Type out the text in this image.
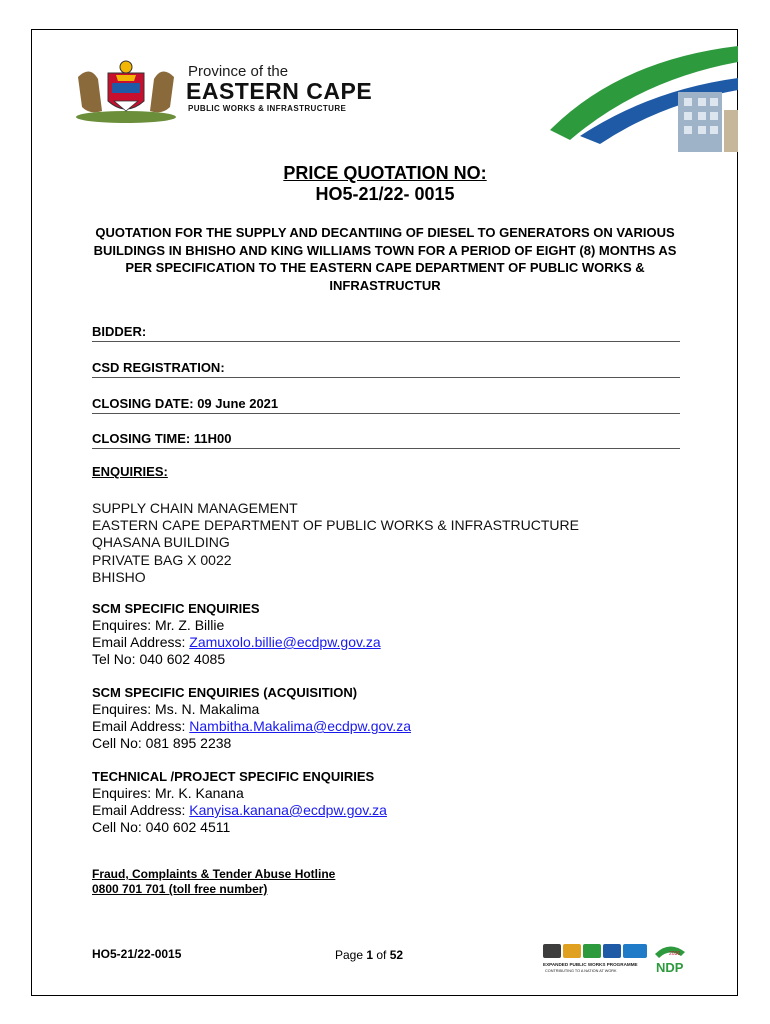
Province of the
EASTERN CAPE
PUBLIC WORKS & INFRASTRUCTURE
PRICE QUOTATION NO:
HO5-21/22- 0015
QUOTATION FOR THE SUPPLY AND DECANTIING OF DIESEL TO GENERATORS ON VARIOUS BUILDINGS IN BHISHO AND KING WILLIAMS TOWN FOR A PERIOD OF EIGHT (8) MONTHS AS PER SPECIFICATION TO THE EASTERN CAPE DEPARTMENT OF PUBLIC WORKS & INFRASTRUCTUR
BIDDER:
CSD REGISTRATION:
CLOSING DATE: 09 June 2021
CLOSING TIME: 11H00
ENQUIRIES:
SUPPLY CHAIN MANAGEMENT
EASTERN CAPE DEPARTMENT OF PUBLIC WORKS & INFRASTRUCTURE
QHASANA BUILDING
PRIVATE BAG X 0022
BHISHO
SCM SPECIFIC ENQUIRIES
Enquires: Mr. Z. Billie
Email Address: Zamuxolo.billie@ecdpw.gov.za
Tel No: 040 602 4085
SCM SPECIFIC ENQUIRIES (ACQUISITION)
Enquires: Ms. N. Makalima
Email Address: Nambitha.Makalima@ecdpw.gov.za
Cell No: 081 895 2238
TECHNICAL /PROJECT SPECIFIC ENQUIRIES
Enquires: Mr. K. Kanana
Email Address: Kanyisa.kanana@ecdpw.gov.za
Cell No: 040 602 4511
Fraud, Complaints & Tender Abuse Hotline
0800 701 701 (toll free number)
HO5-21/22-0015	Page 1 of 52
EXPANDED PUBLIC WORKS PROGRAMME
CONTRIBUTING TO A NATION AT WORK
2030
NDP
